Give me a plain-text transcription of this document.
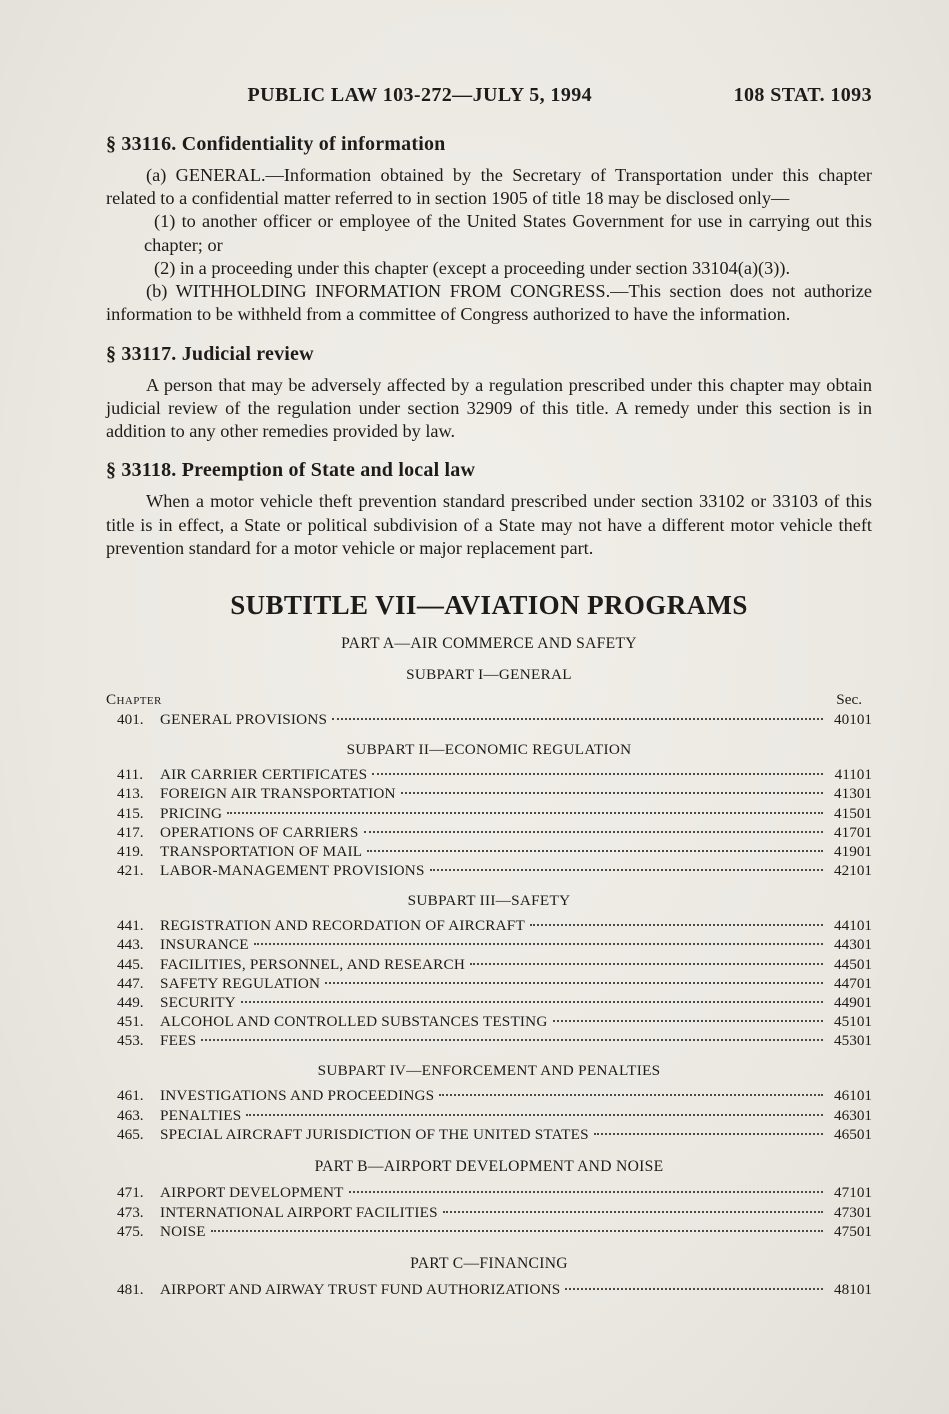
PUBLIC LAW 103-272—JULY 5, 1994	108 STAT. 1093
§ 33116. Confidentiality of information

(a) GENERAL.—Information obtained by the Secretary of Transportation under this chapter related to a confidential matter referred to in section 1905 of title 18 may be disclosed only—

(1) to another officer or employee of the United States Government for use in carrying out this chapter; or

(2) in a proceeding under this chapter (except a proceeding under section 33104(a)(3)).

(b) WITHHOLDING INFORMATION FROM CONGRESS.—This section does not authorize information to be withheld from a committee of Congress authorized to have the information.

§ 33117. Judicial review

A person that may be adversely affected by a regulation prescribed under this chapter may obtain judicial review of the regulation under section 32909 of this title. A remedy under this section is in addition to any other remedies provided by law.

§ 33118. Preemption of State and local law

When a motor vehicle theft prevention standard prescribed under section 33102 or 33103 of this title is in effect, a State or political subdivision of a State may not have a different motor vehicle theft prevention standard for a motor vehicle or major replacement part.

SUBTITLE VII—AVIATION PROGRAMS
PART A—AIR COMMERCE AND SAFETY
SUBPART I—GENERAL
Chapter	Sec.
401.	GENERAL PROVISIONS	40101
SUBPART II—ECONOMIC REGULATION
411.	AIR CARRIER CERTIFICATES	41101
413.	FOREIGN AIR TRANSPORTATION	41301
415.	PRICING	41501
417.	OPERATIONS OF CARRIERS	41701
419.	TRANSPORTATION OF MAIL	41901
421.	LABOR-MANAGEMENT PROVISIONS	42101
SUBPART III—SAFETY
441.	REGISTRATION AND RECORDATION OF AIRCRAFT	44101
443.	INSURANCE	44301
445.	FACILITIES, PERSONNEL, AND RESEARCH	44501
447.	SAFETY REGULATION	44701
449.	SECURITY	44901
451.	ALCOHOL AND CONTROLLED SUBSTANCES TESTING	45101
453.	FEES	45301
SUBPART IV—ENFORCEMENT AND PENALTIES
461.	INVESTIGATIONS AND PROCEEDINGS	46101
463.	PENALTIES	46301
465.	SPECIAL AIRCRAFT JURISDICTION OF THE UNITED STATES	46501
PART B—AIRPORT DEVELOPMENT AND NOISE
471.	AIRPORT DEVELOPMENT	47101
473.	INTERNATIONAL AIRPORT FACILITIES	47301
475.	NOISE	47501
PART C—FINANCING
481.	AIRPORT AND AIRWAY TRUST FUND AUTHORIZATIONS	48101
